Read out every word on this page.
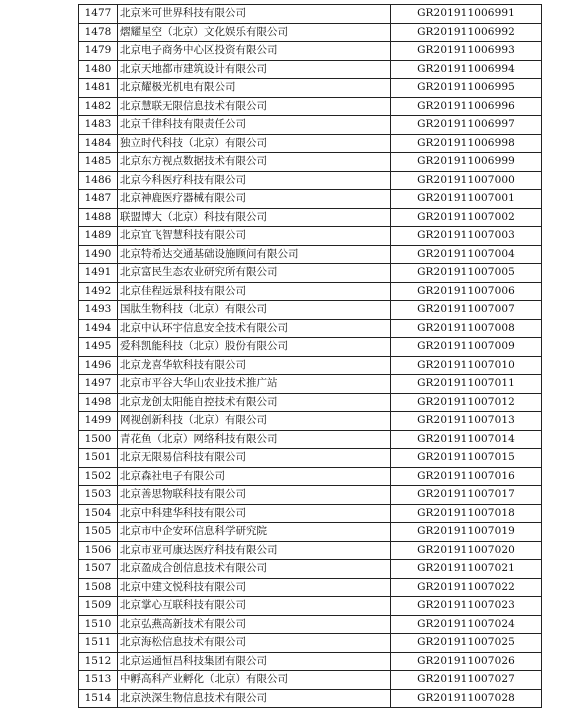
1477	北京米可世界科技有限公司	GR201911006991
1478	熠耀星空（北京）文化娱乐有限公司	GR201911006992
1479	北京电子商务中心区投资有限公司	GR201911006993
1480	北京天地都市建筑设计有限公司	GR201911006994
1481	北京耀极光机电有限公司	GR201911006995
1482	北京慧联无限信息技术有限公司	GR201911006996
1483	北京千律科技有限责任公司	GR201911006997
1484	独立时代科技（北京）有限公司	GR201911006998
1485	北京东方视点数据技术有限公司	GR201911006999
1486	北京今科医疗科技有限公司	GR201911007000
1487	北京神鹿医疗器械有限公司	GR201911007001
1488	联盟博大（北京）科技有限公司	GR201911007002
1489	北京宜飞智慧科技有限公司	GR201911007003
1490	北京特希达交通基础设施顾问有限公司	GR201911007004
1491	北京富民生态农业研究所有限公司	GR201911007005
1492	北京佳程远景科技有限公司	GR201911007006
1493	国肽生物科技（北京）有限公司	GR201911007007
1494	北京中认环宇信息安全技术有限公司	GR201911007008
1495	爱科凯能科技（北京）股份有限公司	GR201911007009
1496	北京龙喜华软科技有限公司	GR201911007010
1497	北京市平谷大华山农业技术推广站	GR201911007011
1498	北京龙创太阳能自控技术有限公司	GR201911007012
1499	网视创新科技（北京）有限公司	GR201911007013
1500	青花鱼（北京）网络科技有限公司	GR201911007014
1501	北京无限易信科技有限公司	GR201911007015
1502	北京森社电子有限公司	GR201911007016
1503	北京善思物联科技有限公司	GR201911007017
1504	北京中科建华科技有限公司	GR201911007018
1505	北京市中企安环信息科学研究院	GR201911007019
1506	北京市亚可康达医疗科技有限公司	GR201911007020
1507	北京盈成合创信息技术有限公司	GR201911007021
1508	北京中建文悦科技有限公司	GR201911007022
1509	北京掌心互联科技有限公司	GR201911007023
1510	北京弘燕高新技术有限公司	GR201911007024
1511	北京海松信息技术有限公司	GR201911007025
1512	北京运通恒昌科技集团有限公司	GR201911007026
1513	中孵高科产业孵化（北京）有限公司	GR201911007027
1514	北京泱深生物信息技术有限公司	GR201911007028
